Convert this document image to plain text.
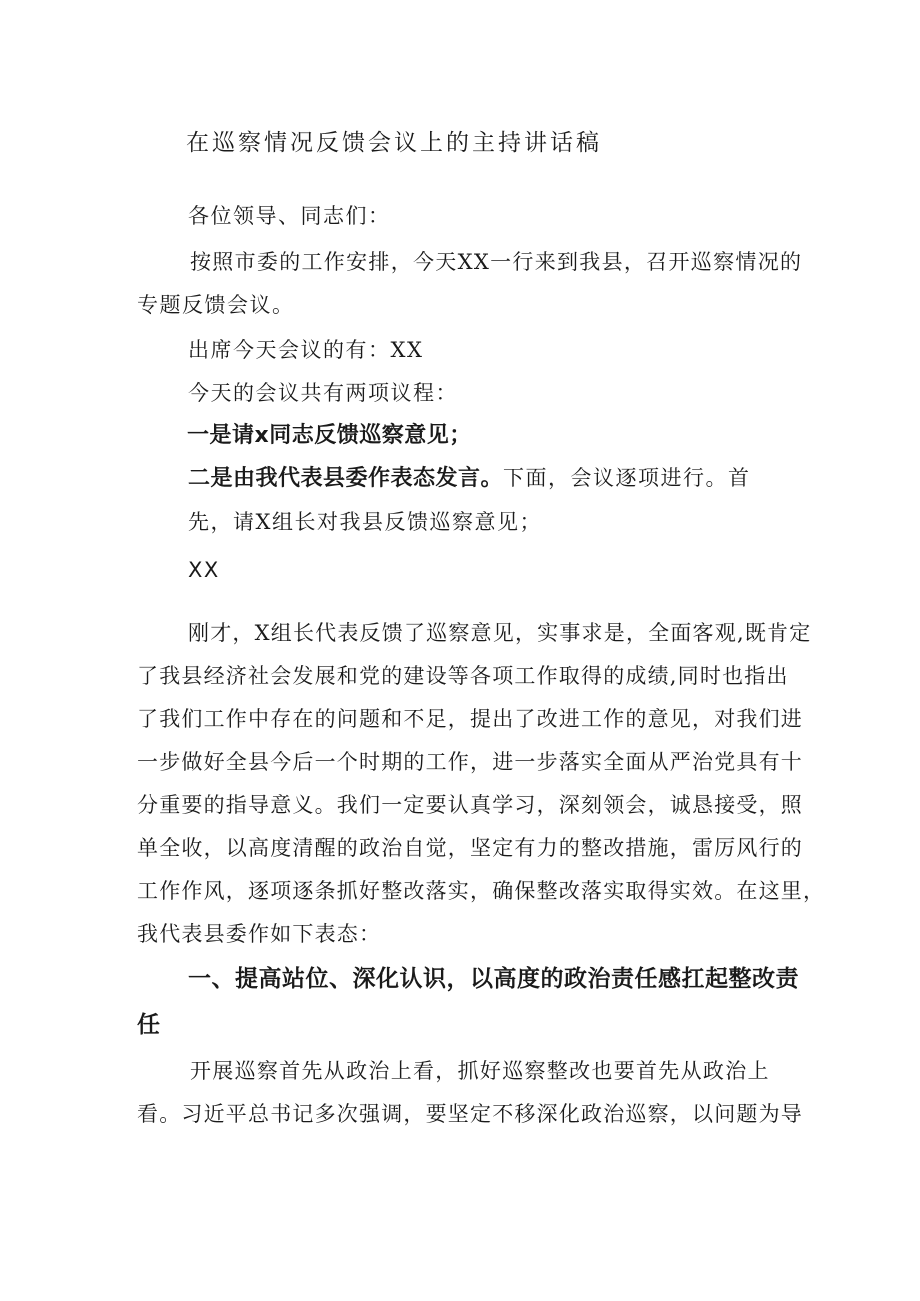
在巡察情况反馈会议上的主持讲话稿
各位领导、同志们：
按照市委的工作安排，今天XX一行来到我县，召开巡察情况的
专题反馈会议。
出席今天会议的有：XX
今天的会议共有两项议程：
一是请x同志反馈巡察意见；
二是由我代表县委作表态发言。下面，会议逐项进行。首
先，请X组长对我县反馈巡察意见；
XX
刚才，X组长代表反馈了巡察意见，实事求是，全面客观,既肯定
了我县经济社会发展和党的建设等各项工作取得的成绩,同时也指出
了我们工作中存在的问题和不足，提出了改进工作的意见，对我们进
一步做好全县今后一个时期的工作，进一步落实全面从严治党具有十
分重要的指导意义。我们一定要认真学习，深刻领会，诚恳接受，照
单全收，以高度清醒的政治自觉，坚定有力的整改措施，雷厉风行的
工作作风，逐项逐条抓好整改落实，确保整改落实取得实效。在这里，
我代表县委作如下表态：
一、提高站位、深化认识，以高度的政治责任感扛起整改责
任
开展巡察首先从政治上看，抓好巡察整改也要首先从政治上
看。习近平总书记多次强调，要坚定不移深化政治巡察，以问题为导
